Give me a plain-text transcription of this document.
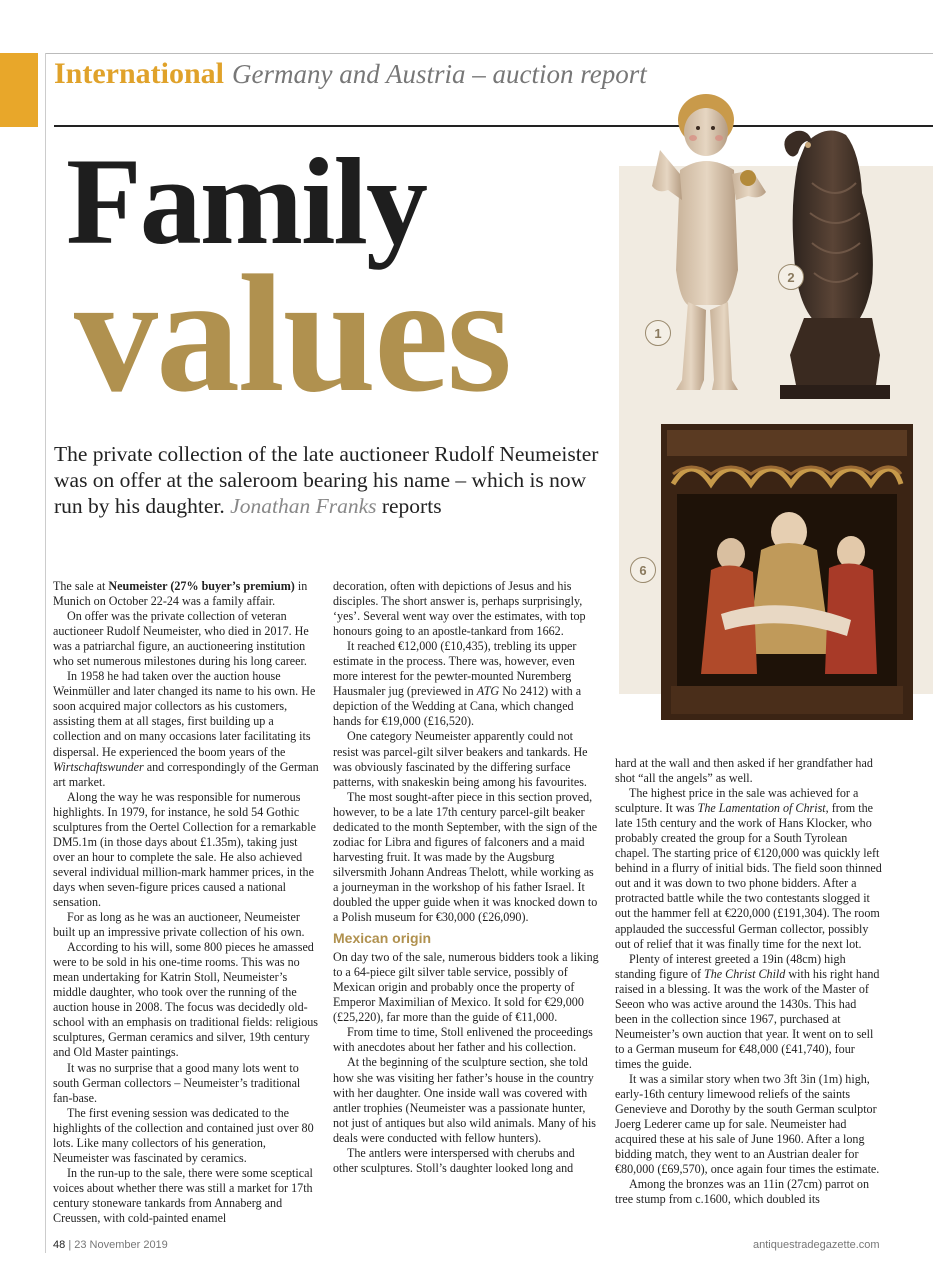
International Germany and Austria – auction report
Family
values
The private collection of the late auctioneer Rudolf Neumeister was on offer at the saleroom bearing his name – which is now run by his daughter. Jonathan Franks reports
1
2
6

The sale at Neumeister (27% buyer’s premium) in Munich on October 22-24 was a family affair.

On offer was the private collection of veteran auctioneer Rudolf Neumeister, who died in 2017. He was a patriarchal figure, an auctioneering institution who set numerous milestones during his long career.

In 1958 he had taken over the auction house Weinmüller and later changed its name to his own. He soon acquired major collectors as his customers, assisting them at all stages, first building up a collection and on many occasions later facilitating its dispersal. He experienced the boom years of the Wirtschaftswunder and correspondingly of the German art market.

Along the way he was responsible for numerous highlights. In 1979, for instance, he sold 54 Gothic sculptures from the Oertel Collection for a remarkable DM5.1m (in those days about £1.35m), taking just over an hour to complete the sale. He also achieved several individual million-mark hammer prices, in the days when seven-figure prices caused a national sensation.

For as long as he was an auctioneer, Neumeister built up an impressive private collection of his own.

According to his will, some 800 pieces he amassed were to be sold in his one-time rooms. This was no mean undertaking for Katrin Stoll, Neumeister’s middle daughter, who took over the running of the auction house in 2008. The focus was decidedly old-school with an emphasis on traditional fields: religious sculptures, German ceramics and silver, 19th century and Old Master paintings.

It was no surprise that a good many lots went to south German collectors – Neumeister’s traditional fan-base.

The first evening session was dedicated to the highlights of the collection and contained just over 80 lots. Like many collectors of his generation, Neumeister was fascinated by ceramics.

In the run-up to the sale, there were some sceptical voices about whether there was still a market for 17th century stoneware tankards from Annaberg and Creussen, with cold-painted enamel

decoration, often with depictions of Jesus and his disciples. The short answer is, perhaps surprisingly, ‘yes’. Several went way over the estimates, with top honours going to an apostle-tankard from 1662.

It reached €12,000 (£10,435), trebling its upper estimate in the process. There was, however, even more interest for the pewter-mounted Nuremberg Hausmaler jug (previewed in ATG No 2412) with a depiction of the Wedding at Cana, which changed hands for €19,000 (£16,520).

One category Neumeister apparently could not resist was parcel-gilt silver beakers and tankards. He was obviously fascinated by the differing surface patterns, with snakeskin being among his favourites.

The most sought-after piece in this section proved, however, to be a late 17th century parcel-gilt beaker dedicated to the month September, with the sign of the zodiac for Libra and figures of falconers and a maid harvesting fruit. It was made by the Augsburg silversmith Johann Andreas Thelott, while working as a journeyman in the workshop of his father Israel. It doubled the upper guide when it was knocked down to a Polish museum for €30,000 (£26,090).

Mexican origin

On day two of the sale, numerous bidders took a liking to a 64-piece gilt silver table service, possibly of Mexican origin and probably once the property of Emperor Maximilian of Mexico. It sold for €29,000 (£25,220), far more than the guide of €11,000.

From time to time, Stoll enlivened the proceedings with anecdotes about her father and his collection.

At the beginning of the sculpture section, she told how she was visiting her father’s house in the country with her daughter. One inside wall was covered with antler trophies (Neumeister was a passionate hunter, not just of antiques but also wild animals. Many of his deals were conducted with fellow hunters).

The antlers were interspersed with cherubs and other sculptures. Stoll’s daughter looked long and

hard at the wall and then asked if her grandfather had shot “all the angels” as well.

The highest price in the sale was achieved for a sculpture. It was The Lamentation of Christ, from the late 15th century and the work of Hans Klocker, who probably created the group for a South Tyrolean chapel. The starting price of €120,000 was quickly left behind in a flurry of initial bids. The field soon thinned out and it was down to two phone bidders. After a protracted battle while the two contestants slogged it out the hammer fell at €220,000 (£191,304). The room applauded the successful German collector, possibly out of relief that it was finally time for the next lot.

Plenty of interest greeted a 19in (48cm) high standing figure of The Christ Child with his right hand raised in a blessing. It was the work of the Master of Seeon who was active around the 1430s. This had been in the collection since 1967, purchased at Neumeister’s own auction that year. It went on to sell to a German museum for €48,000 (£41,740), four times the guide.

It was a similar story when two 3ft 3in (1m) high, early-16th century limewood reliefs of the saints Genevieve and Dorothy by the south German sculptor Joerg Lederer came up for sale. Neumeister had acquired these at his sale of June 1960. After a long bidding match, they went to an Austrian dealer for €80,000 (£69,570), once again four times the estimate.

Among the bronzes was an 11in (27cm) parrot on tree stump from c.1600, which doubled its

48 | 23 November 2019	antiquestradegazette.com
